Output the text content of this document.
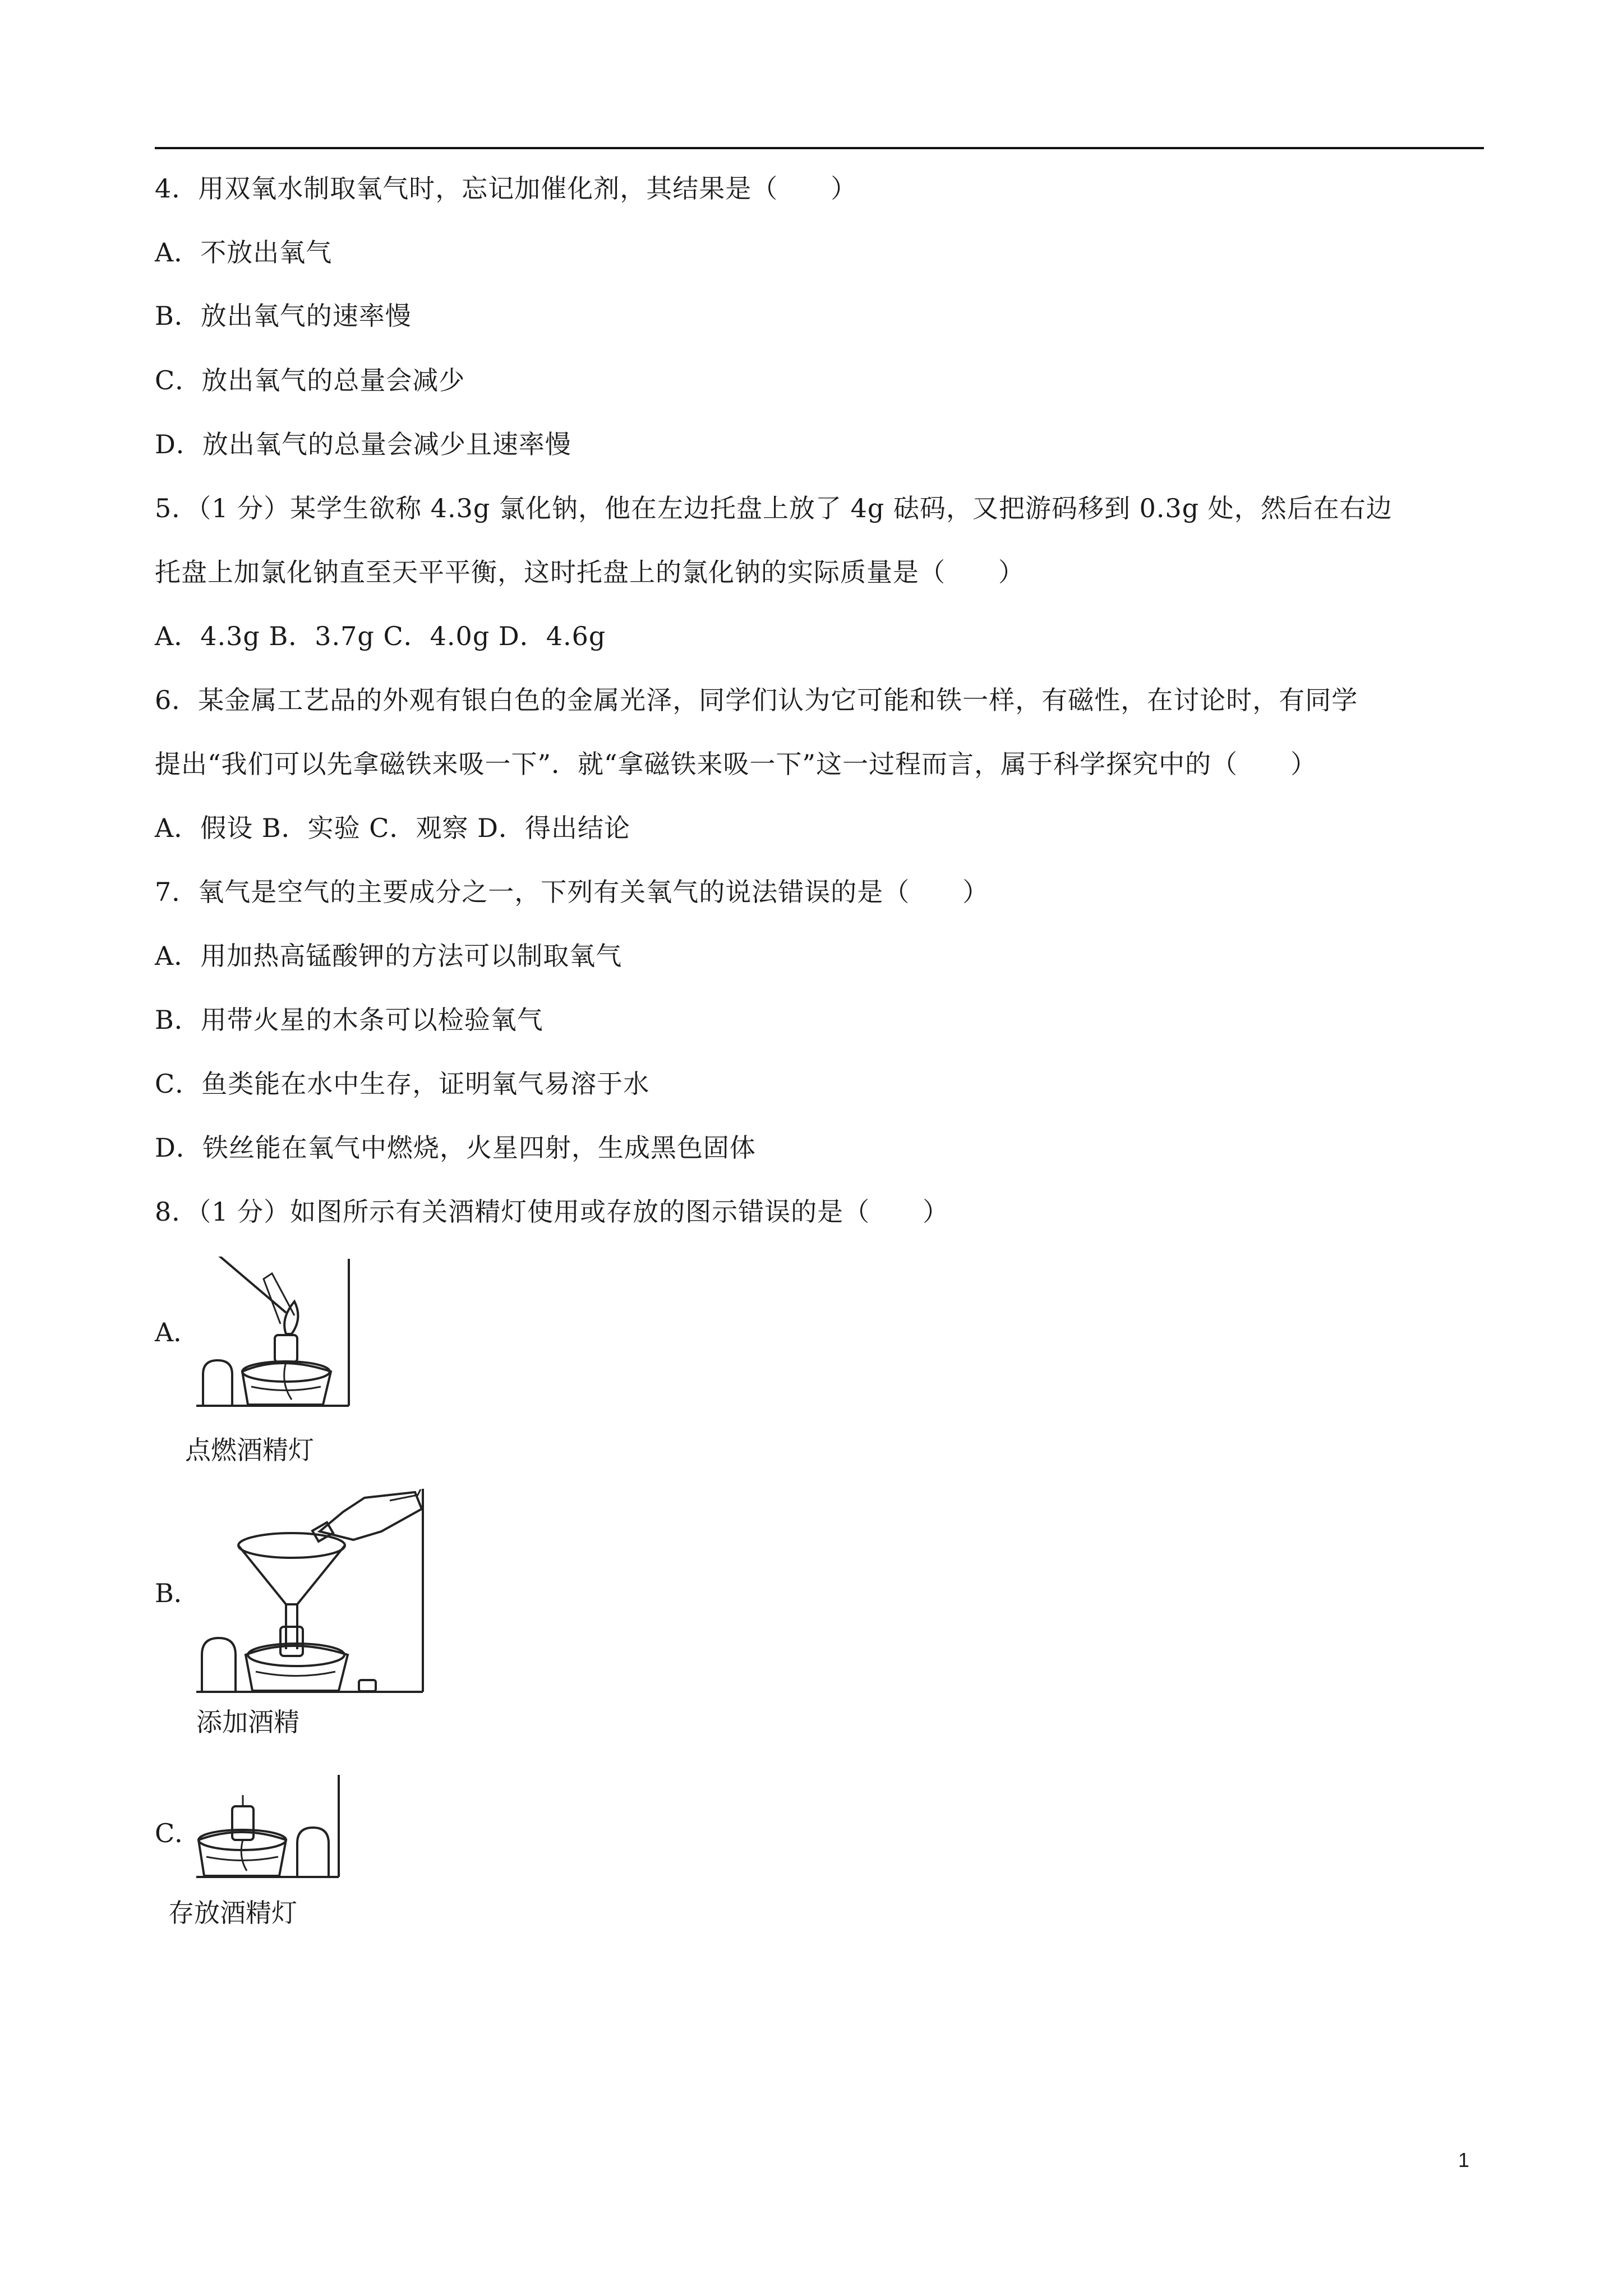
4．用双氧水制取氧气时，忘记加催化剂，其结果是（　　）
A．不放出氧气
B．放出氧气的速率慢
C．放出氧气的总量会减少
D．放出氧气的总量会减少且速率慢
5．（1 分）某学生欲称 4.3g 氯化钠，他在左边托盘上放了 4g 砝码，又把游码移到 0.3g 处，然后在右边
托盘上加氯化钠直至天平平衡，这时托盘上的氯化钠的实际质量是（　　）
A．4.3g B．3.7g C．4.0g D．4.6g
6．某金属工艺品的外观有银白色的金属光泽，同学们认为它可能和铁一样，有磁性，在讨论时，有同学
提出“我们可以先拿磁铁来吸一下”．就“拿磁铁来吸一下”这一过程而言，属于科学探究中的（　　）
A．假设 B．实验 C．观察 D．得出结论
7．氧气是空气的主要成分之一，下列有关氧气的说法错误的是（　　）
A．用加热高锰酸钾的方法可以制取氧气
B．用带火星的木条可以检验氧气
C．鱼类能在水中生存，证明氧气易溶于水
D．铁丝能在氧气中燃烧，火星四射，生成黑色固体
8．（1 分）如图所示有关酒精灯使用或存放的图示错误的是（　　）
A．
点燃酒精灯
B．
添加酒精
C．
存放酒精灯
1
